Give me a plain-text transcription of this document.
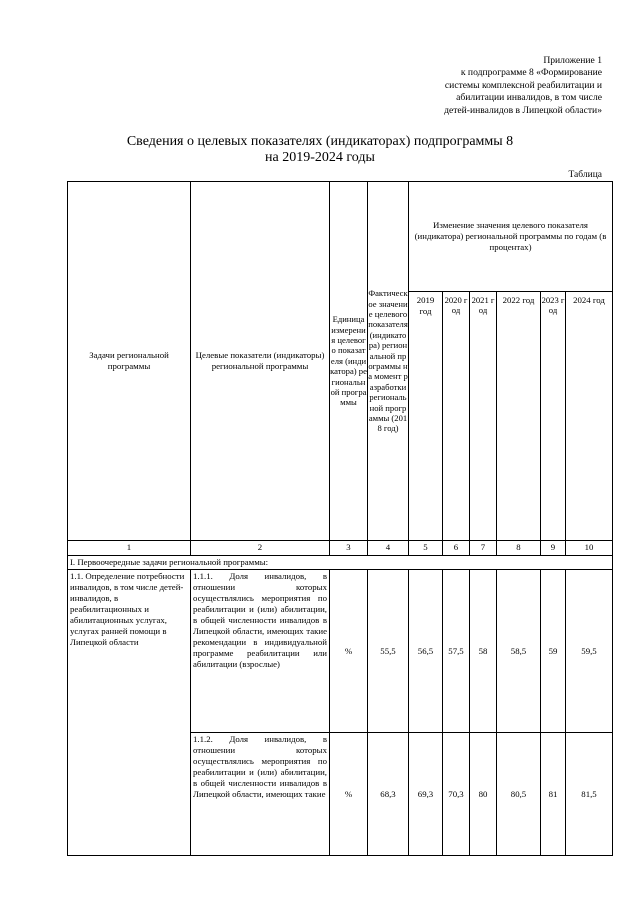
Приложение 1
к подпрограмме 8 «Формирование
системы комплексной реабилитации и
абилитации инвалидов, в том числе
детей-инвалидов в Липецкой области»
Сведения о целевых показателях (индикаторах) подпрограммы 8
на 2019-2024 годы
Таблица
Задачи региональной программы	Целевые показатели (индикаторы) региональной программы	Единица измерения целевого показателя (индикатора) региональной программы	Фактическое значение целевого показателя (индикатора) региональной программы на момент разработки региональной программы (2018 год)	Изменение значения целевого показателя (индикатора) региональной программы по годам (в процентах)					
				2019 год	2020 год	2021 год	2022 год	2023 год	2024 год
1	2	3	4	5	6	7	8	9	10
I. Первоочередные задачи региональной программы:									
1.1. Определение потребности инвалидов, в том числе детей-инвалидов, в реабилитационных и абилитационных услугах, услугах ранней помощи в Липецкой области	1.1.1. Доля инвалидов, в отношении которых осуществлялись мероприятия по реабилитации и (или) абилитации, в общей численности инвалидов в Липецкой области, имеющих такие рекомендации в индивидуальной программе реабилитации или абилитации (взрослые)	%	55,5	56,5	57,5	58	58,5	59	59,5
	1.1.2. Доля инвалидов, в отношении которых осуществлялись мероприятия по реабилитации и (или) абилитации, в общей численности инвалидов в Липецкой области, имеющих такие	%	68,3	69,3	70,3	80	80,5	81	81,5
